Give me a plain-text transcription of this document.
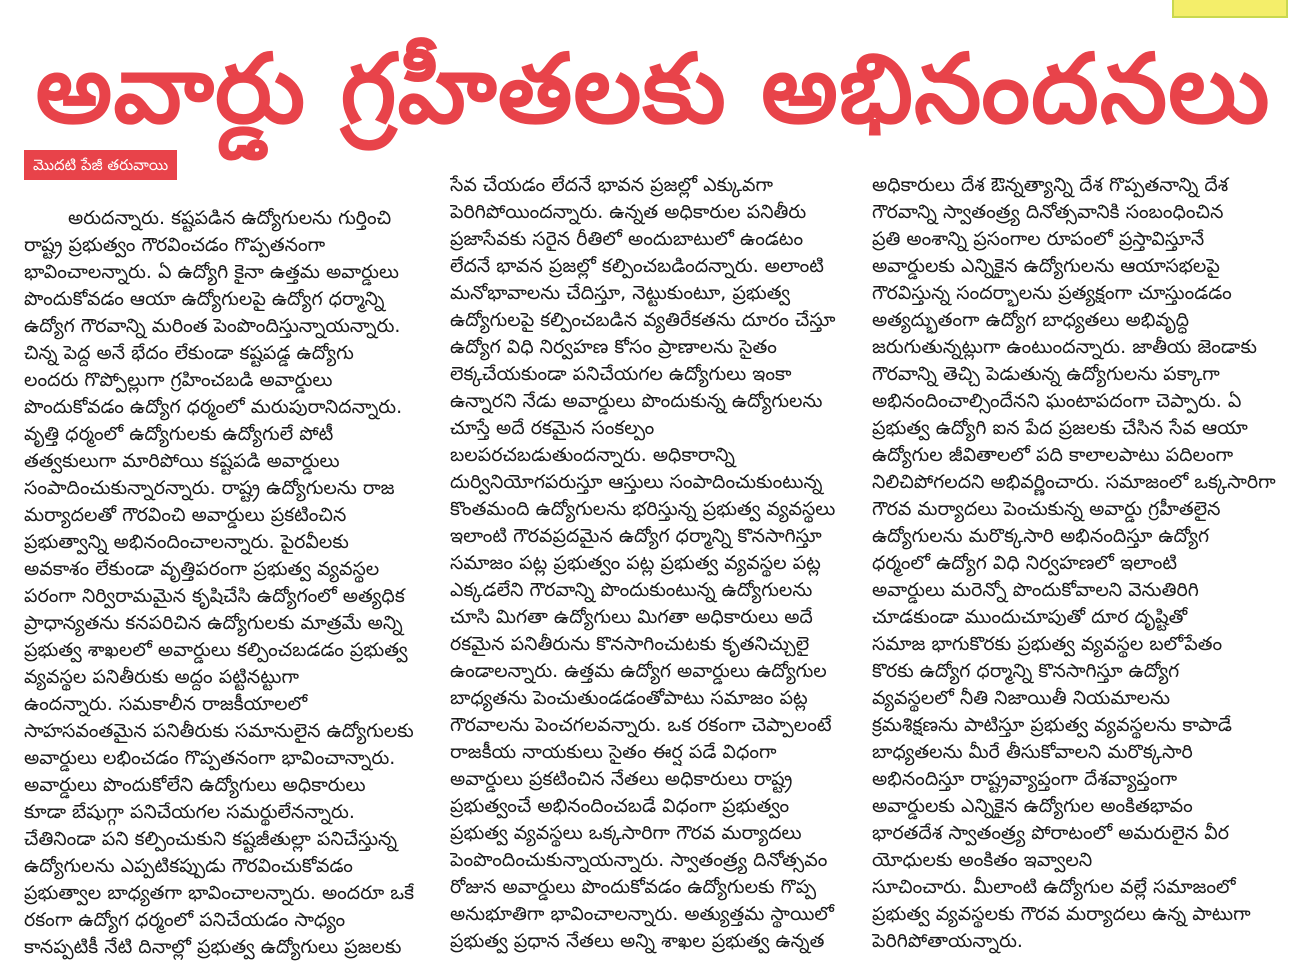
అవార్డు గ్రహీతలకు అభినందనలు
మొదటి పేజీ తరువాయి
అరుదన్నారు. కష్టపడిన ఉద్యోగులను గుర్తించి
రాష్ట్ర ప్రభుత్వం గౌరవించడం గొప్పతనంగా
భావించాలన్నారు. ఏ ఉద్యోగి కైనా ఉత్తమ అవార్డులు
పొందుకోవడం ఆయా ఉద్యోగులపై ఉద్యోగ ధర్మాన్ని
ఉద్యోగ గౌరవాన్ని మరింత పెంపొందిస్తున్నాయన్నారు.
చిన్న పెద్ద అనే భేదం లేకుండా కష్టపడ్డ ఉద్యోగు
లందరు గొప్పోల్లుగా గ్రహించబడి అవార్డులు
పొందుకోవడం ఉద్యోగ ధర్మంలో మరుపురానిదన్నారు.
వృత్తి ధర్మంలో ఉద్యోగులకు ఉద్యోగులే పోటీ
తత్వకులుగా మారిపోయి కష్టపడి అవార్డులు
సంపాదించుకున్నారన్నారు. రాష్ట్ర ఉద్యోగులను రాజ
మర్యాదలతో గౌరవించి అవార్డులు ప్రకటించిన
ప్రభుత్వాన్ని అభినందించాలన్నారు. పైరవీలకు
అవకాశం లేకుండా వృత్తిపరంగా ప్రభుత్వ వ్యవస్థల
పరంగా నిర్విరామమైన కృషిచేసి ఉద్యోగంలో అత్యధిక
ప్రాధాన్యతను కనపరిచిన ఉద్యోగులకు మాత్రమే అన్ని
ప్రభుత్వ శాఖలలో అవార్డులు కల్పించబడడం ప్రభుత్వ
వ్యవస్థల పనితీరుకు అద్దం పట్టినట్టుగా
ఉందన్నారు. సమకాలీన రాజకీయాలలో
సాహసవంతమైన పనితీరుకు సమానులైన ఉద్యోగులకు
అవార్డులు లభించడం గొప్పతనంగా భావించాన్నారు.
అవార్డులు పొందుకోలేని ఉద్యోగులు అధికారులు
కూడా బేషుగ్గా పనిచేయగల సమర్థులేనన్నారు.
చేతినిండా పని కల్పించుకుని కష్టజీతుల్లా పనిచేస్తున్న
ఉద్యోగులను ఎప్పటికప్పుడు గౌరవించుకోవడం
ప్రభుత్వాల బాధ్యతగా భావించాలన్నారు. అందరూ ఒకే
రకంగా ఉద్యోగ ధర్మంలో పనిచేయడం సాధ్యం
కానప్పటికీ నేటి దినాల్లో ప్రభుత్వ ఉద్యోగులు ప్రజలకు
సేవ చేయడం లేదనే భావన ప్రజల్లో ఎక్కువగా
పెరిగిపోయిందన్నారు. ఉన్నత అధికారుల పనితీరు
ప్రజాసేవకు సరైన రీతిలో అందుబాటులో ఉండటం
లేదనే భావన ప్రజల్లో కల్పించబడిందన్నారు. అలాంటి
మనోభావాలను చేదిస్తూ, నెట్టుకుంటూ, ప్రభుత్వ
ఉద్యోగులపై కల్పించబడిన వ్యతిరేకతను దూరం చేస్తూ
ఉద్యోగ విధి నిర్వహణ కోసం ప్రాణాలను సైతం
లెక్కచేయకుండా పనిచేయగల ఉద్యోగులు ఇంకా
ఉన్నారని నేడు అవార్డులు పొందుకున్న ఉద్యోగులను
చూస్తే అదే రకమైన సంకల్పం
బలపరచబడుతుందన్నారు. అధికారాన్ని
దుర్వినియోగపరుస్తూ ఆస్తులు సంపాదించుకుంటున్న
కొంతమంది ఉద్యోగులను భరిస్తున్న ప్రభుత్వ వ్యవస్థలు
ఇలాంటి గౌరవప్రదమైన ఉద్యోగ ధర్మాన్ని కొనసాగిస్తూ
సమాజం పట్ల ప్రభుత్వం పట్ల ప్రభుత్వ వ్యవస్థల పట్ల
ఎక్కడలేని గౌరవాన్ని పొందుకుంటున్న ఉద్యోగులను
చూసి మిగతా ఉద్యోగులు మిగతా అధికారులు అదే
రకమైన పనితీరును కొనసాగించుటకు కృతనిచ్చులై
ఉండాలన్నారు. ఉత్తమ ఉద్యోగ అవార్డులు ఉద్యోగుల
బాధ్యతను పెంచుతుండడంతోపాటు సమాజం పట్ల
గౌరవాలను పెంచగలవన్నారు. ఒక రకంగా చెప్పాలంటే
రాజకీయ నాయకులు సైతం ఈర్ష పడే విధంగా
అవార్డులు ప్రకటించిన నేతలు అధికారులు రాష్ట్ర
ప్రభుత్వంచే అభినందించబడే విధంగా ప్రభుత్వం
ప్రభుత్వ వ్యవస్థలు ఒక్కసారిగా గౌరవ మర్యాదలు
పెంపొందించుకున్నాయన్నారు. స్వాతంత్ర్య దినోత్సవం
రోజున అవార్డులు పొందుకోవడం ఉద్యోగులకు గొప్ప
అనుభూతిగా భావించాలన్నారు. అత్యుత్తమ స్థాయిలో
ప్రభుత్వ ప్రధాన నేతలు అన్ని శాఖల ప్రభుత్వ ఉన్నత
అధికారులు దేశ ఔన్నత్యాన్ని దేశ గొప్పతనాన్ని దేశ
గౌరవాన్ని స్వాతంత్ర్య దినోత్సవానికి సంబంధించిన
ప్రతి అంశాన్ని ప్రసంగాల రూపంలో ప్రస్తావిస్తూనే
అవార్డులకు ఎన్నికైన ఉద్యోగులను ఆయాసభలపై
గౌరవిస్తున్న సందర్భాలను ప్రత్యక్షంగా చూస్తుండడం
అత్యద్భుతంగా ఉద్యోగ బాధ్యతలు అభివృద్ధి
జరుగుతున్నట్లుగా ఉంటుందన్నారు. జాతీయ జెండాకు
గౌరవాన్ని తెచ్చి పెడుతున్న ఉద్యోగులను పక్కాగా
అభినందించాల్సిందేనని ఘంటాపదంగా చెప్పారు. ఏ
ప్రభుత్వ ఉద్యోగి ఐన పేద ప్రజలకు చేసిన సేవ ఆయా
ఉద్యోగుల జీవితాలలో పది కాలాలపాటు పదిలంగా
నిలిచిపోగలదని అభివర్ణించారు. సమాజంలో ఒక్కసారిగా
గౌరవ మర్యాదలు పెంచుకున్న అవార్డు గ్రహీతలైన
ఉద్యోగులను మరొక్కసారి అభినందిస్తూ ఉద్యోగ
ధర్మంలో ఉద్యోగ విధి నిర్వహణలో ఇలాంటి
అవార్డులు మరెన్నో పొందుకోవాలని వెనుతిరిగి
చూడకుండా ముందుచూపుతో దూర దృష్టితో
సమాజ భాగుకొరకు ప్రభుత్వ వ్యవస్థల బలోపేతం
కొరకు ఉద్యోగ ధర్మాన్ని కొనసాగిస్తూ ఉద్యోగ
వ్యవస్థలలో నీతి నిజాయితీ నియమాలను
క్రమశిక్షణను పాటిస్తూ ప్రభుత్వ వ్యవస్థలను కాపాడే
బాధ్యతలను మీరే తీసుకోవాలని మరొక్కసారి
అభినందిస్తూ రాష్ట్రవ్యాప్తంగా దేశవ్యాప్తంగా
అవార్డులకు ఎన్నికైన ఉద్యోగుల అంకితభావం
భారతదేశ స్వాతంత్ర్య పోరాటంలో అమరులైన వీర
యోధులకు అంకితం ఇవ్వాలని
సూచించారు. మీలాంటి ఉద్యోగుల వల్లే సమాజంలో
ప్రభుత్వ వ్యవస్థలకు గౌరవ మర్యాదలు ఉన్న పాటుగా
పెరిగిపోతాయన్నారు.
